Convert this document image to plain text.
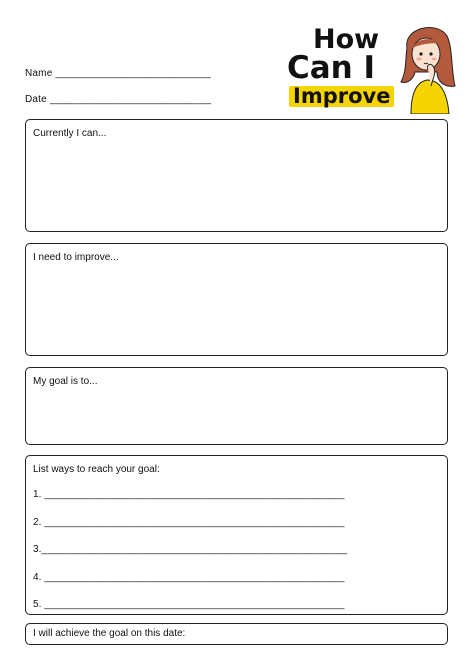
Name ___________________________
Date ____________________________
How
Can I
Improve
Currently I can...
I need to improve...
My goal is to...
List ways to reach your goal:
1. _____________________________________________________
2. _____________________________________________________
3.______________________________________________________
4. _____________________________________________________
5. _____________________________________________________
I will achieve the goal on this date:
